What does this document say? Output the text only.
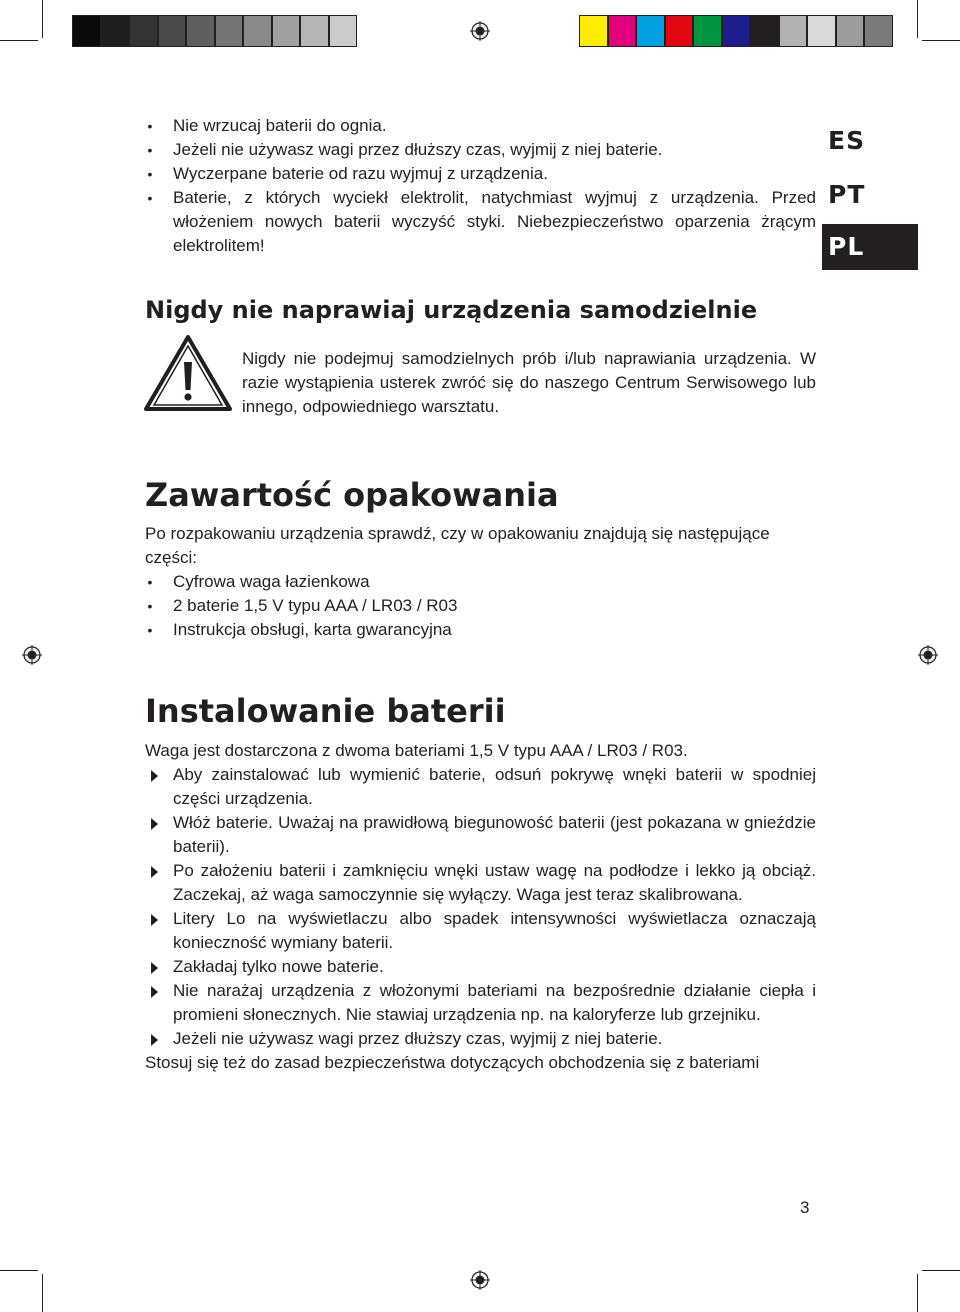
ES
PT
PL
• Nie wrzucaj baterii do ognia.
• Jeżeli nie używasz wagi przez dłuższy czas, wyjmij z niej baterie.
• Wyczerpane baterie od razu wyjmuj z urządzenia.
• Baterie, z których wyciekł elektrolit, natychmiast wyjmuj z urządzenia. Przed włożeniem nowych baterii wyczyść styki. Niebezpieczeństwo oparzenia żrącym elektrolitem!
Nigdy nie naprawiaj urządzenia samodzielnie

Nigdy nie podejmuj samodzielnych prób i/lub naprawiania urządzenia. W razie wystąpienia usterek zwróć się do naszego Centrum Serwisowego lub innego, odpowiedniego warsztatu.

Zawartość opakowania

Po rozpakowaniu urządzenia sprawdź, czy w opakowaniu znajdują się następujące części:

• Cyfrowa waga łazienkowa
• 2 baterie 1,5 V typu AAA / LR03 / R03
• Instrukcja obsługi, karta gwarancyjna
Instalowanie baterii

Waga jest dostarczona z dwoma bateriami 1,5 V typu AAA / LR03 / R03.

Aby zainstalować lub wymienić baterie, odsuń pokrywę wnęki baterii w spodniej części urządzenia.
Włóż baterie. Uważaj na prawidłową biegunowość baterii (jest pokazana w gnieździe baterii).
Po założeniu baterii i zamknięciu wnęki ustaw wagę na podłodze i lekko ją obciąż. Zaczekaj, aż waga samoczynnie się wyłączy. Waga jest teraz skalibrowana.
Litery Lo na wyświetlaczu albo spadek intensywności wyświetlacza oznaczają konieczność wymiany baterii.
Zakładaj tylko nowe baterie.
Nie narażaj urządzenia z włożonymi bateriami na bezpośrednie działanie ciepła i promieni słonecznych. Nie stawiaj urządzenia np. na kaloryferze lub grzejniku.
Jeżeli nie używasz wagi przez dłuższy czas, wyjmij z niej baterie.

Stosuj się też do zasad bezpieczeństwa dotyczących obchodzenia się z bateriami

3
